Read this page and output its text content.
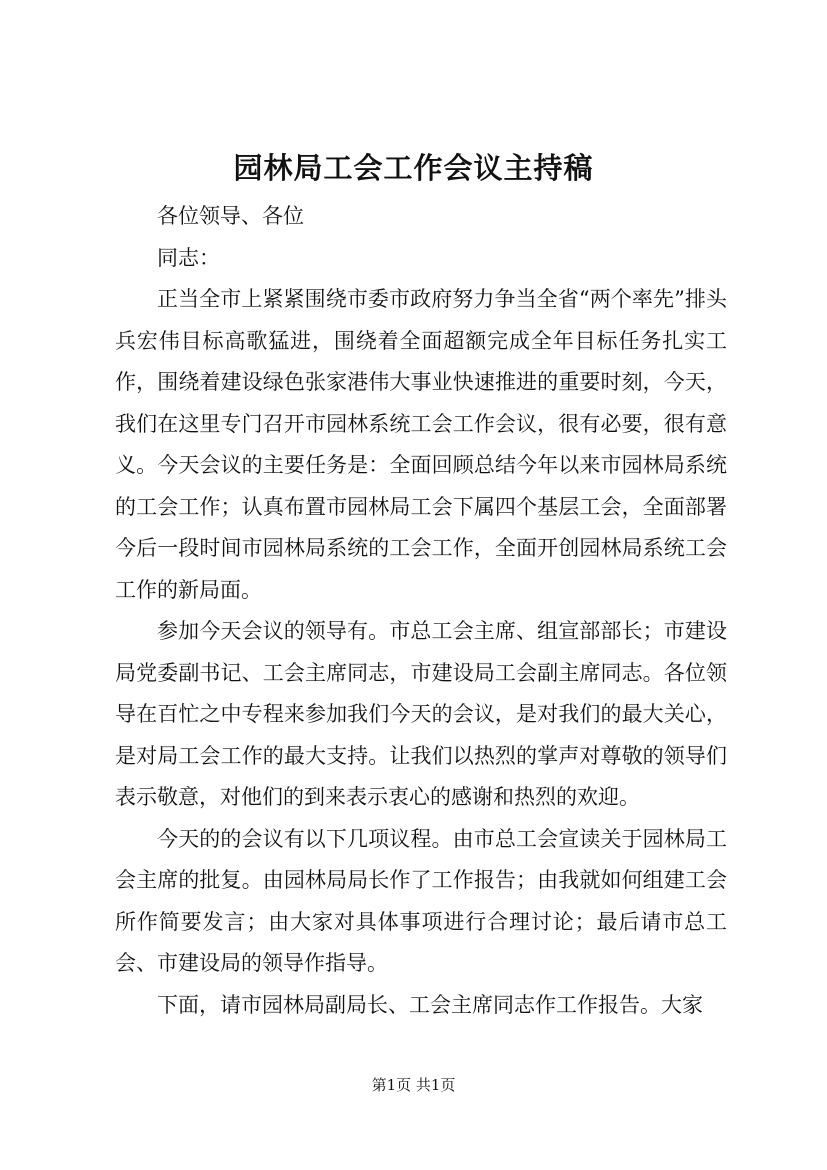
园林局工会工作会议主持稿

各位领导、各位

同志：

正当全市上紧紧围绕市委市政府努力争当全省“两个率先”排头兵宏伟目标高歌猛进，围绕着全面超额完成全年目标任务扎实工作，围绕着建设绿色张家港伟大事业快速推进的重要时刻，今天，我们在这里专门召开市园林系统工会工作会议，很有必要，很有意义。今天会议的主要任务是：全面回顾总结今年以来市园林局系统的工会工作；认真布置市园林局工会下属四个基层工会，全面部署今后一段时间市园林局系统的工会工作，全面开创园林局系统工会工作的新局面。

参加今天会议的领导有。市总工会主席、组宣部部长；市建设局党委副书记、工会主席同志，市建设局工会副主席同志。各位领导在百忙之中专程来参加我们今天的会议，是对我们的最大关心，是对局工会工作的最大支持。让我们以热烈的掌声对尊敬的领导们表示敬意，对他们的到来表示衷心的感谢和热烈的欢迎。

今天的的会议有以下几项议程。由市总工会宣读关于园林局工会主席的批复。由园林局局长作了工作报告；由我就如何组建工会所作简要发言；由大家对具体事项进行合理讨论；最后请市总工会、市建设局的领导作指导。

下面，请市园林局副局长、工会主席同志作工作报告。大家

第1页 共1页
